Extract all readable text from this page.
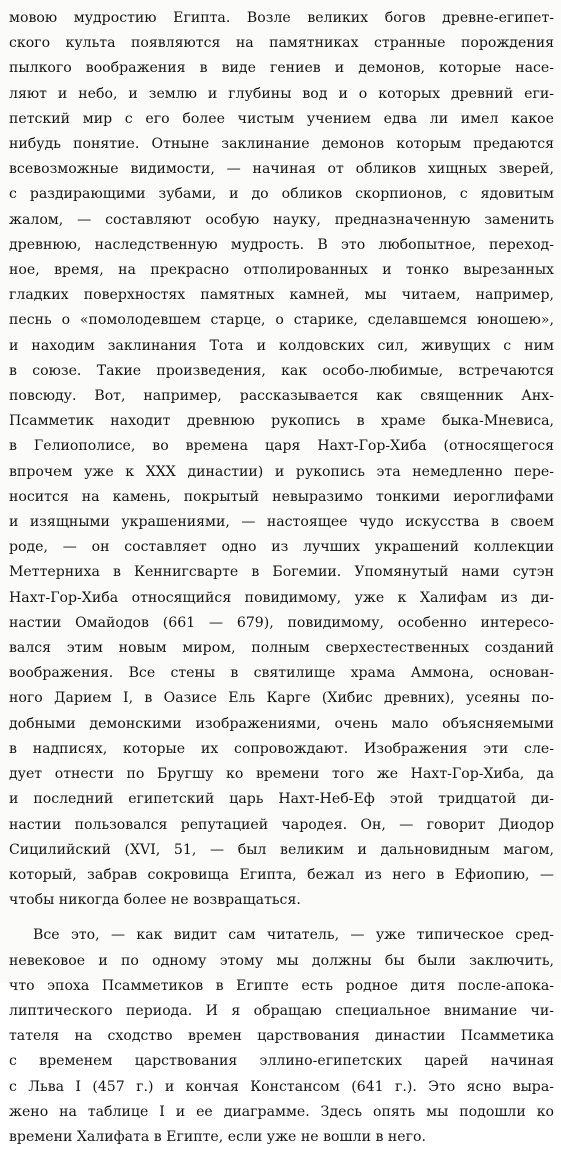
мовою мудростию Египта. Возле великих богов древне-египет-
ского культа появляются на памятниках странные порождения
пылкого воображения в виде гениев и демонов, которые насе-
ляют и небо, и землю и глубины вод и о которых древний еги-
петский мир с его более чистым учением едва ли имел какое
нибудь понятие. Отныне заклинание демонов которым предаются
всевозможные видимости, — начиная от обликов хищных зверей,
с раздирающими зубами, и до обликов скорпионов, с ядовитым
жалом, — составляют особую науку, предназначенную заменить
древнюю, наследственную мудрость. В это любопытное, переход-
ное, время, на прекрасно отполированных и тонко вырезанных
гладких поверхностях памятных камней, мы читаем, например,
песнь о «помолодевшем старце, о старике, сделавшемся юношею»,
и находим заклинания Тота и колдовских сил, живущих с ним
в союзе. Такие произведения, как особо-любимые, встречаются
повсюду. Вот, например, рассказывается как священник Анх-
Псамметик находит древнюю рукопись в храме быка-Мневиса,
в Гелиополисе, во времена царя Нахт-Гор-Хиба (относящегося
впрочем уже к XXX династии) и рукопись эта немедленно пере-
носится на камень, покрытый невыразимо тонкими иероглифами
и изящными украшениями, — настоящее чудо искусства в своем
роде, — он составляет одно из лучших украшений коллекции
Меттерниха в Кеннигсварте в Богемии. Упомянутый нами сутэн
Нахт-Гор-Хиба относящийся повидимому, уже к Халифам из ди-
настии Омайодов (661 — 679), повидимому, особенно интересо-
вался этим новым миром, полным сверхестественных созданий
воображения. Все стены в святилище храма Аммона, основан-
ного Дарием I, в Оазисе Ель Карге (Хибис древних), усеяны по-
добными демонскими изображениями, очень мало объясняемыми
в надписях, которые их сопровождают. Изображения эти сле-
дует отнести по Бругшу ко времени того же Нахт-Гор-Хиба, да
и последний египетский царь Нахт-Неб-Еф этой тридцатой ди-
настии пользовался репутацией чародея. Он, — говорит Диодор
Сицилийский (XVI, 51, — был великим и дальновидным магом,
который, забрав сокровища Египта, бежал из него в Ефиопию, —
чтобы никогда более не возвращаться.
Все это, — как видит сам читатель, — уже типическое сред-
невековое и по одному этому мы должны бы были заключить,
что эпоха Псамметиков в Египте есть родное дитя после-апока-
липтического периода. И я обращаю специальное внимание чи-
тателя на сходство времен царствования династии Псамметика
с временем царствования эллино-египетских царей начиная
с Льва I (457 г.) и кончая Констансом (641 г.). Это ясно выра-
жено на таблице I и ее диаграмме. Здесь опять мы подошли ко
времени Халифата в Египте, если уже не вошли в него.
